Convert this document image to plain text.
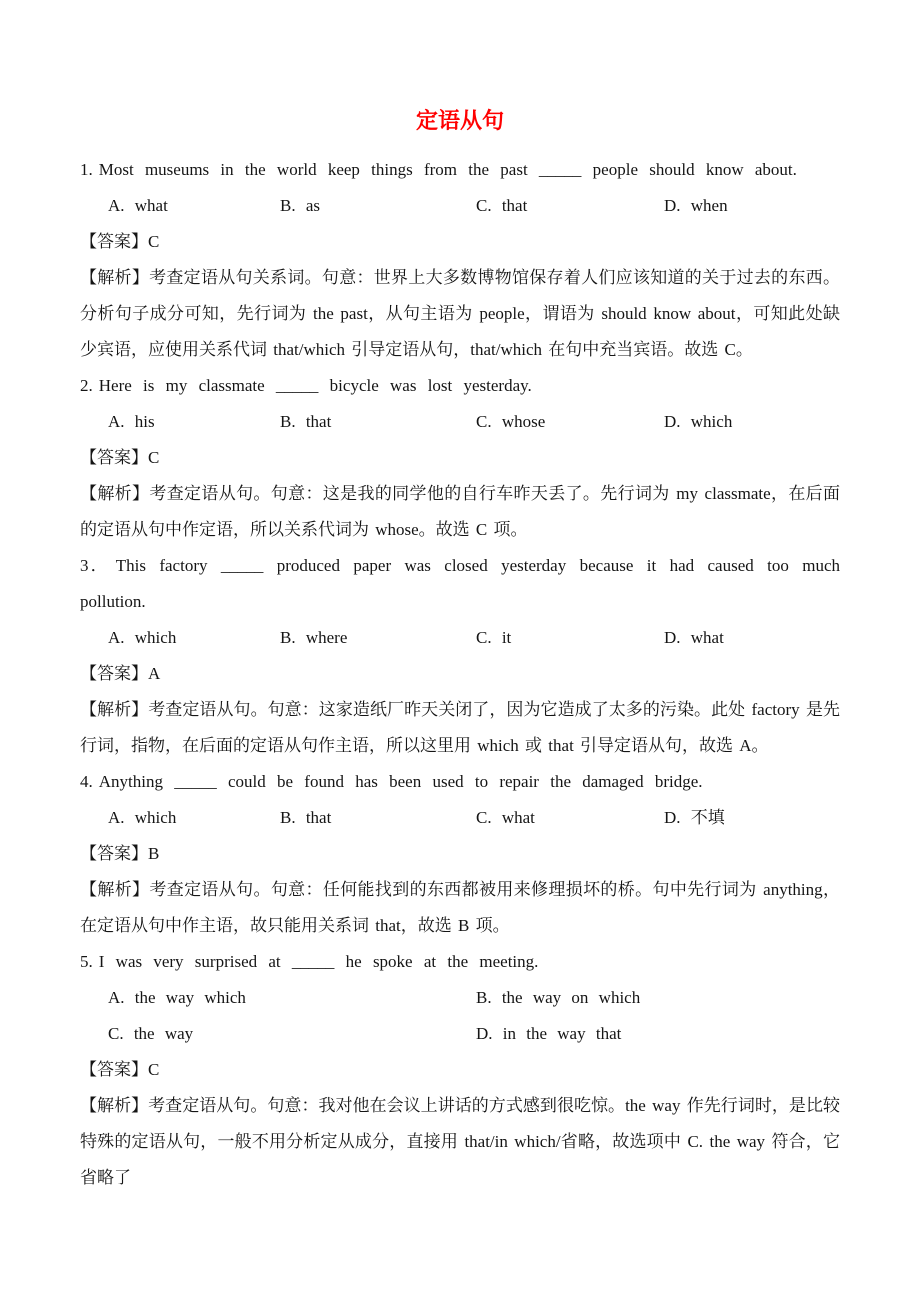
定语从句

1. Most museums in the world keep things from the past _____ people should know about.

A. what	B. as	C. that	D. when

【答案】C

【解析】考查定语从句关系词。句意：世界上大多数博物馆保存着人们应该知道的关于过去的东西。分析句子成分可知，先行词为 the past，从句主语为 people，谓语为 should know about，可知此处缺少宾语，应使用关系代词 that/which 引导定语从句，that/which 在句中充当宾语。故选 C。

2. Here is my classmate _____ bicycle was lost yesterday.

A. his	B. that	C. whose	D. which

【答案】C

【解析】考查定语从句。句意：这是我的同学他的自行车昨天丢了。先行词为 my classmate，在后面的定语从句中作定语，所以关系代词为 whose。故选 C 项。

3． This factory _____ produced paper was closed yesterday because it had caused too much pollution.

A. which	B. where	C. it	D. what

【答案】A

【解析】考查定语从句。句意：这家造纸厂昨天关闭了，因为它造成了太多的污染。此处 factory 是先行词，指物，在后面的定语从句作主语，所以这里用 which 或 that 引导定语从句，故选 A。

4. Anything _____ could be found has been used to repair the damaged bridge.

A. which	B. that	C. what	D. 不填

【答案】B

【解析】考查定语从句。句意：任何能找到的东西都被用来修理损坏的桥。句中先行词为 anything，在定语从句中作主语，故只能用关系词 that，故选 B 项。

5. I was very surprised at _____ he spoke at the meeting.

A. the way which	B. the way on which
C. the way	D. in the way that

【答案】C

【解析】考查定语从句。句意：我对他在会议上讲话的方式感到很吃惊。the way 作先行词时，是比较特殊的定语从句，一般不用分析定从成分，直接用 that/in which/省略，故选项中 C. the way 符合，它省略了
